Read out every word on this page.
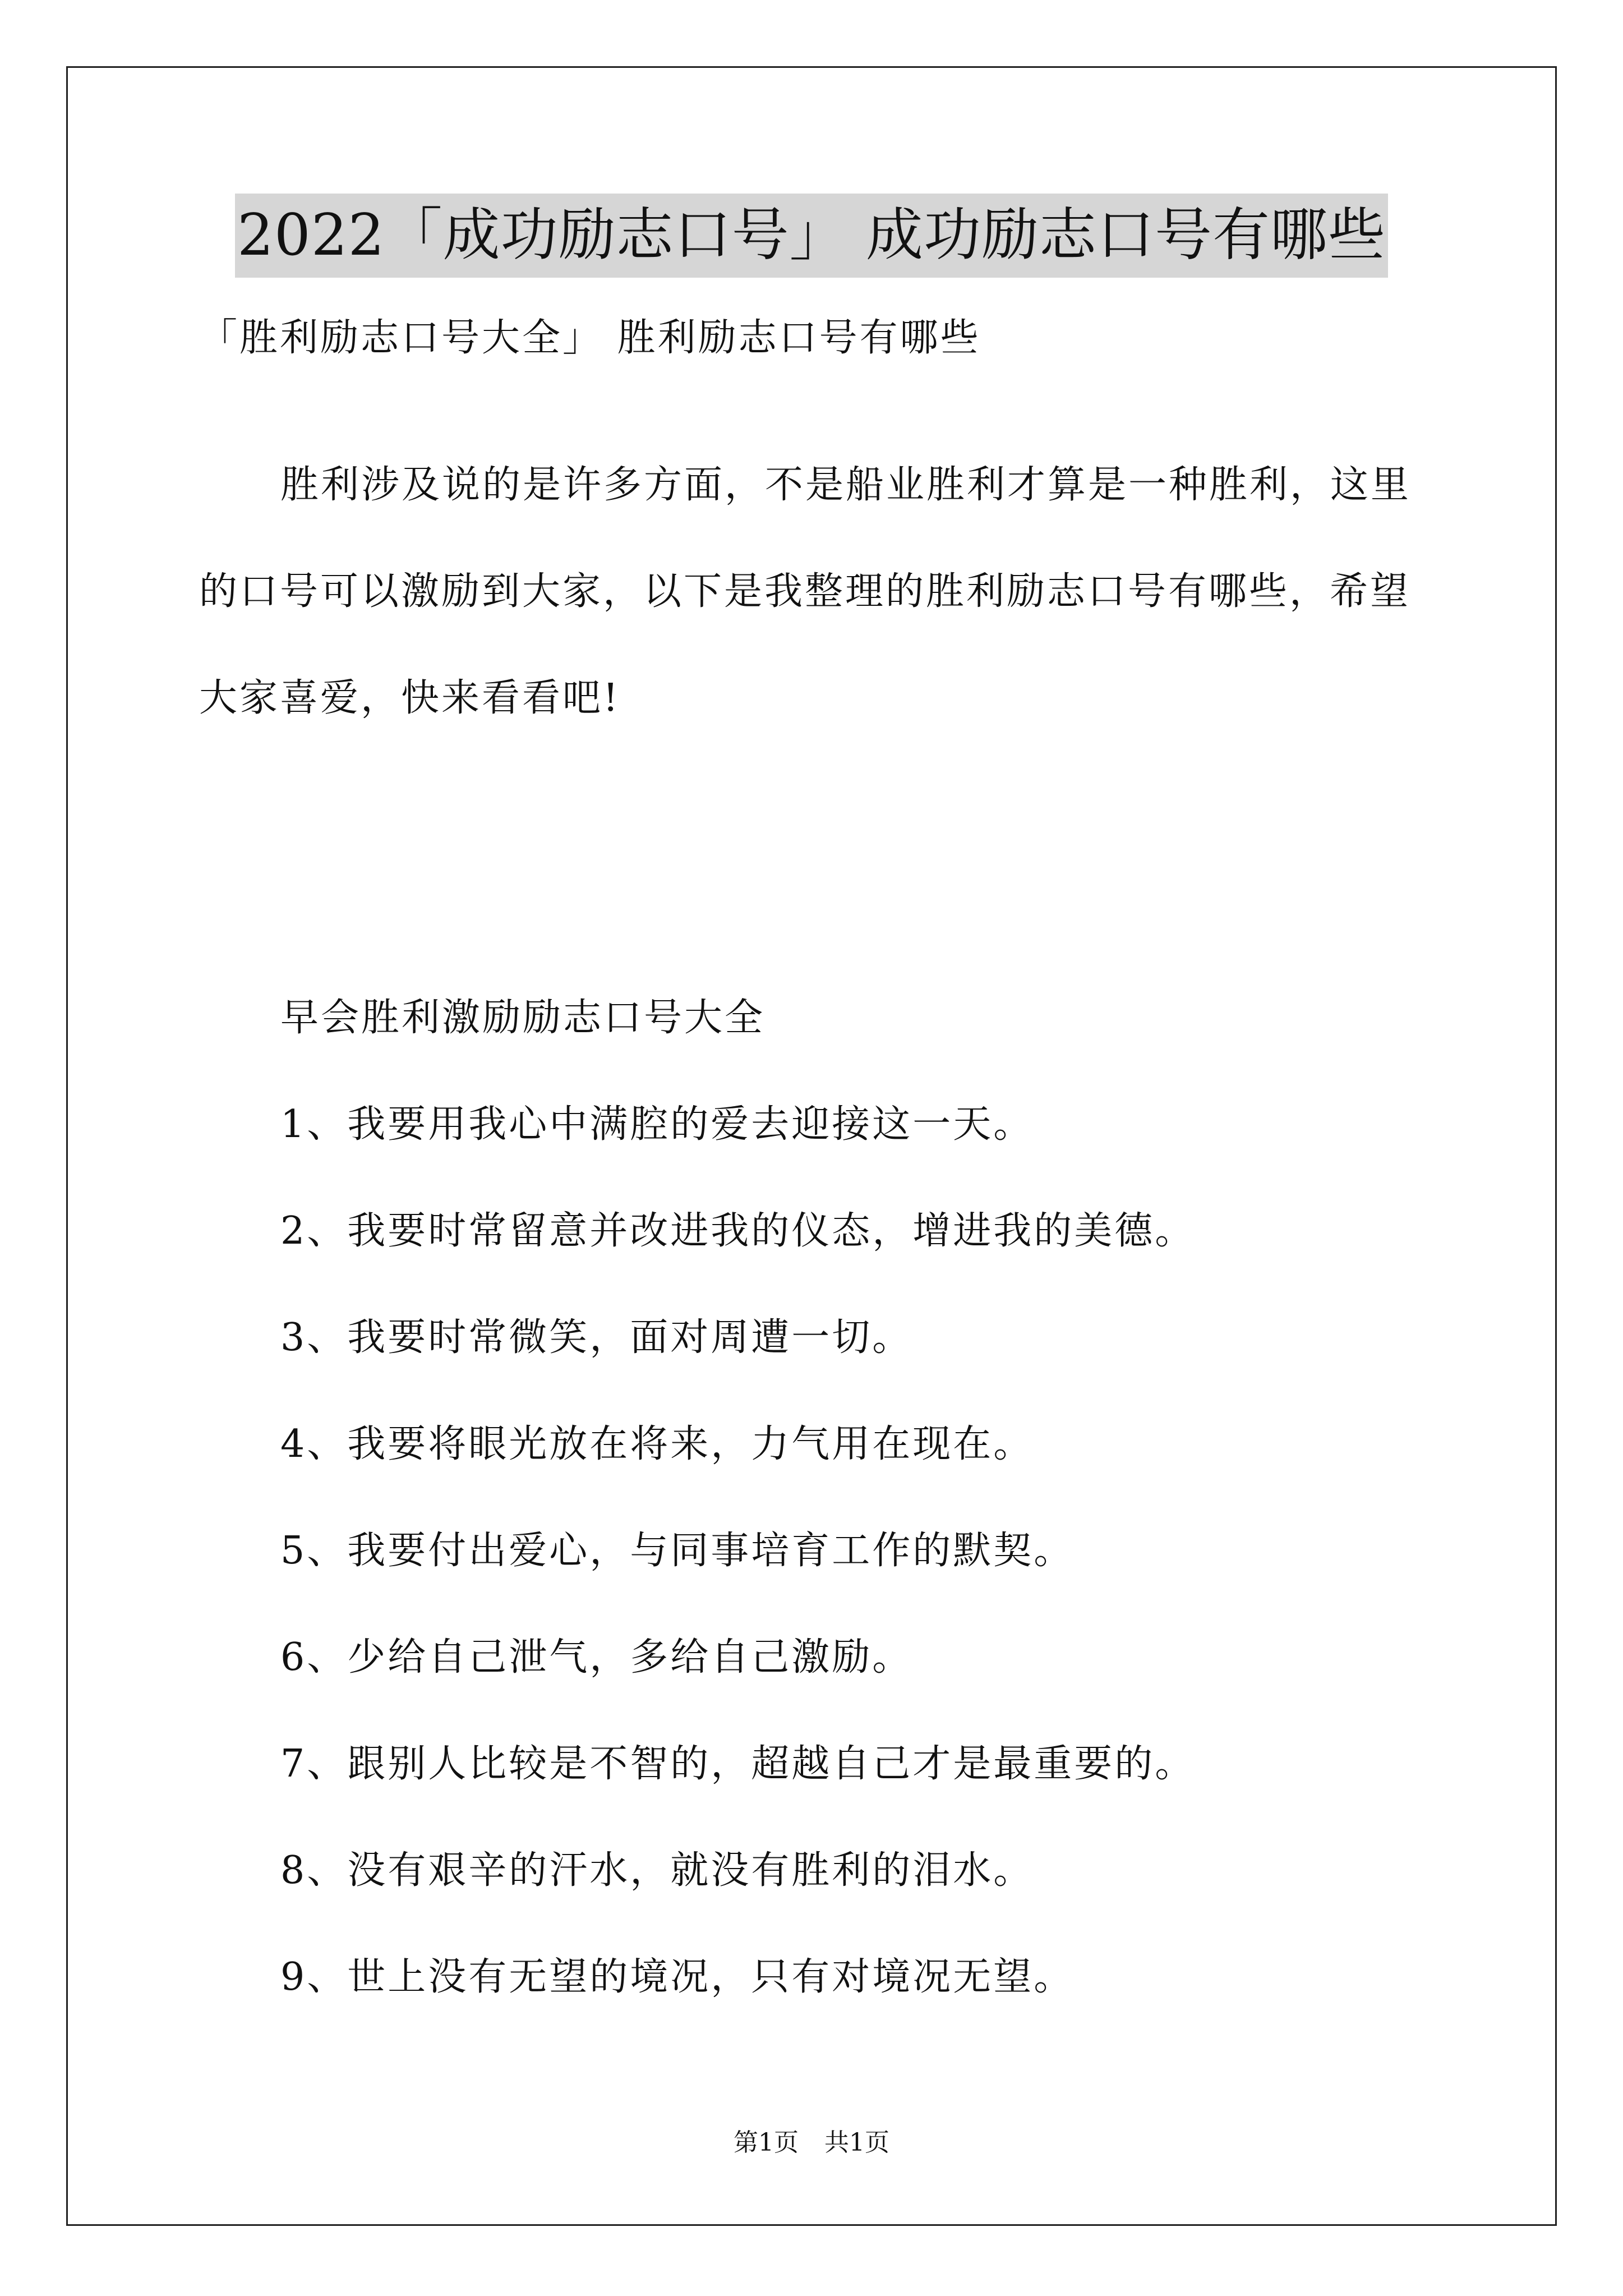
2022「成功励志口号」 成功励志口号有哪些
「胜利励志口号大全」 胜利励志口号有哪些
胜利涉及说的是许多方面，不是船业胜利才算是一种胜利，这里
的口号可以激励到大家，以下是我整理的胜利励志口号有哪些，希望
大家喜爱，快来看看吧!
早会胜利激励励志口号大全
1、我要用我心中满腔的爱去迎接这一天。
2、我要时常留意并改进我的仪态，增进我的美德。
3、我要时常微笑，面对周遭一切。
4、我要将眼光放在将来，力气用在现在。
5、我要付出爱心，与同事培育工作的默契。
6、少给自己泄气，多给自己激励。
7、跟别人比较是不智的，超越自己才是最重要的。
8、没有艰辛的汗水，就没有胜利的泪水。
9、世上没有无望的境况，只有对境况无望。
第1页 共1页
